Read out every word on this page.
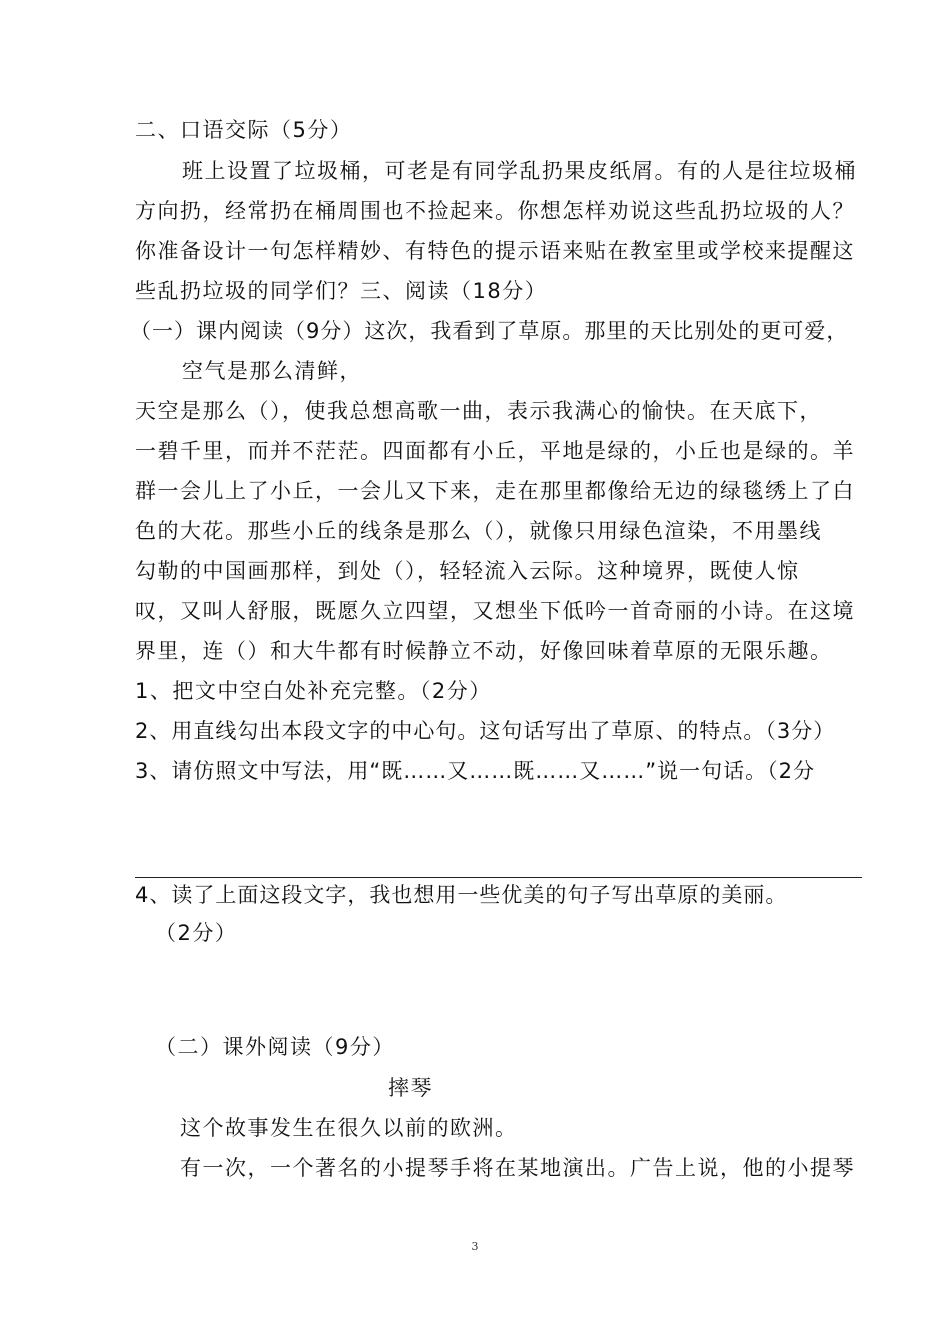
二、口语交际（5分）
班上设置了垃圾桶，可老是有同学乱扔果皮纸屑。有的人是往垃圾桶
方向扔，经常扔在桶周围也不捡起来。你想怎样劝说这些乱扔垃圾的人？
你准备设计一句怎样精妙、有特色的提示语来贴在教室里或学校来提醒这
些乱扔垃圾的同学们？三、阅读（18分）
（一）课内阅读（9分）这次，我看到了草原。那里的天比别处的更可爱，
空气是那么清鲜，
天空是那么（），使我总想高歌一曲，表示我满心的愉快。在天底下，
一碧千里，而并不茫茫。四面都有小丘，平地是绿的，小丘也是绿的。羊
群一会儿上了小丘，一会儿又下来，走在那里都像给无边的绿毯绣上了白
色的大花。那些小丘的线条是那么（），就像只用绿色渲染，不用墨线
勾勒的中国画那样，到处（），轻轻流入云际。这种境界，既使人惊
叹，又叫人舒服，既愿久立四望，又想坐下低吟一首奇丽的小诗。在这境
界里，连（）和大牛都有时候静立不动，好像回味着草原的无限乐趣。
1、把文中空白处补充完整。（2分）
2、用直线勾出本段文字的中心句。这句话写出了草原、的特点。（3分）
3、请仿照文中写法，用“既……又……既……又……”说一句话。（2分
4、读了上面这段文字，我也想用一些优美的句子写出草原的美丽。
（2分）
（二）课外阅读（9分）
摔琴
这个故事发生在很久以前的欧洲。
有一次，一个著名的小提琴手将在某地演出。广告上说，他的小提琴
3
